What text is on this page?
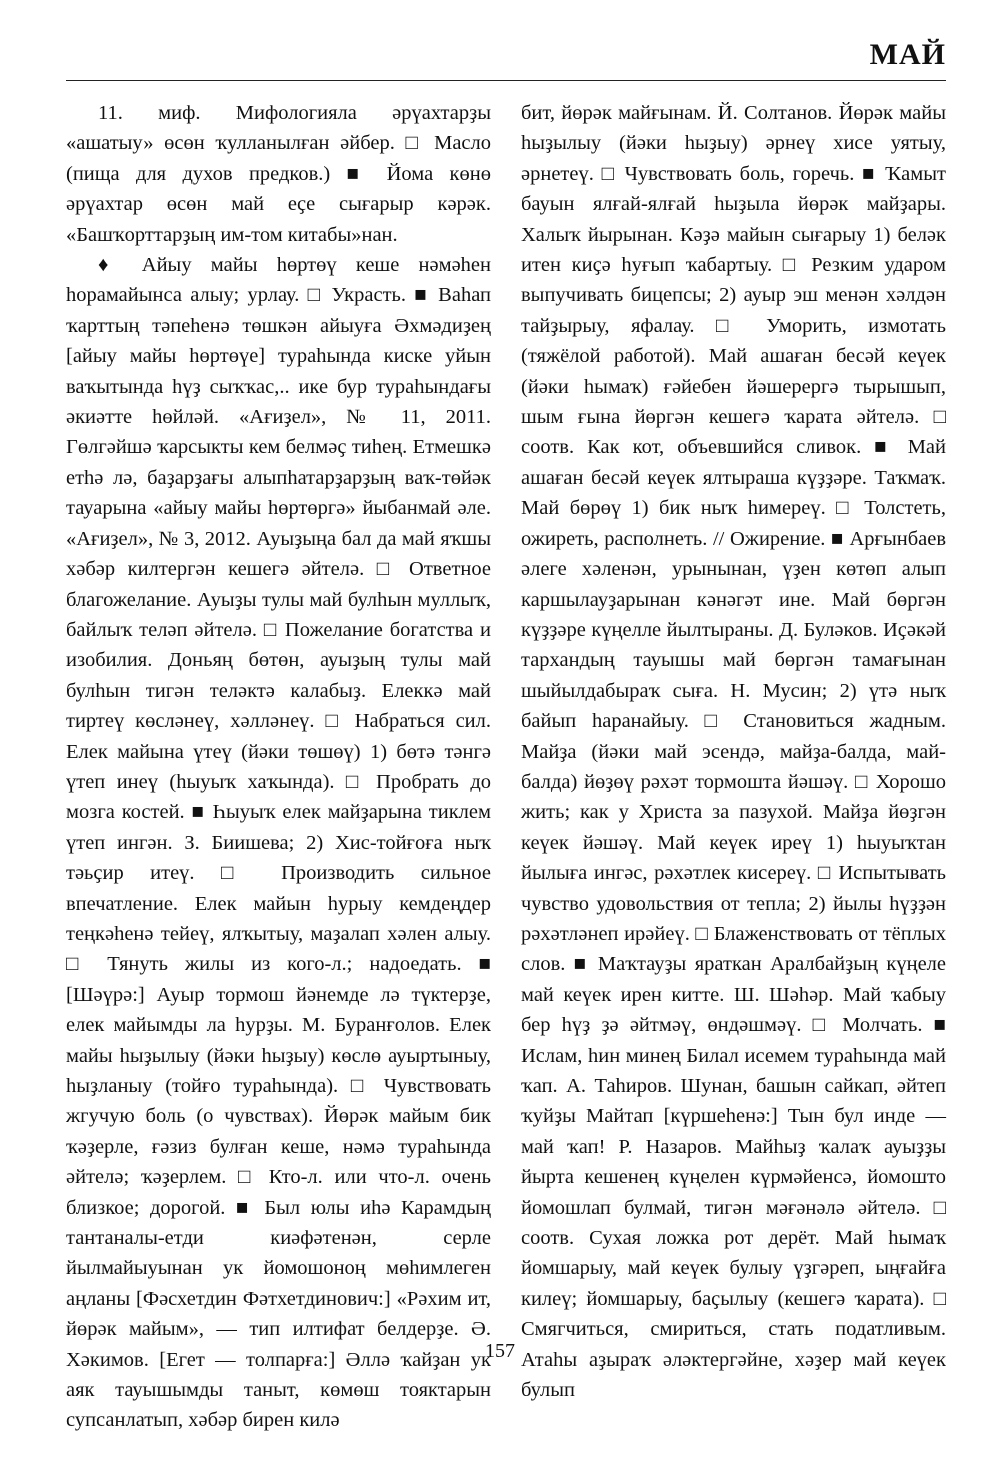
МАЙ

11. миф. Мифологияла әрүахтарҙы «ашатыу» өсөн ҡулланылған әйбер. □ Масло (пища для духов предков.) ■ Йома көнө әрүахтар өсөн май еҫе сығарыр кәрәк. «Башҡорттарҙың им-том китабы»нан.

♦ Айыу майы һөртөү кеше нәмәһен һорамайынса алыу; урлау. □ Украсть. ■ Ваһап ҡарттың тәпеһенә төшкән айыуға Әхмәдиҙең [айыу майы һөртөүе] тураһында киске уйын ваҡытында һүҙ сыҡҡас,.. ике бур тураһындағы әкиәтте һөйләй. «Ағиҙел», № 11, 2011. Гөлгәйшә ҡарсыкты кем белмәҫ тиһең. Етмешкә етһә лә, баҙарҙағы алыпһатарҙарҙың ваҡ-төйәк тауарына «айыу майы һөртөргә» йыбанмай әле. «Ағиҙел», № 3, 2012. Ауыҙыңа бал да май яҡшы хәбәр килтергән кешегә әйтелә. □ Ответное благожелание. Ауыҙы тулы май булһын муллыҡ, байлыҡ теләп әйтелә. □ Пожелание богатства и изобилия. Доньяң бөтөн, ауыҙың тулы май булһын тигән теләктә калабыҙ. Елеккә май тиртеү көсләнеү, хәлләнеү. □ Набраться сил. Елек майына үтеү (йәки төшөү) 1) бөтә тәнгә үтеп инеү (һыуыҡ хаҡында). □ Пробрать до мозга костей. ■ Һыуыҡ елек майҙарына тиклем үтеп ингән. З. Биишева; 2) Хис-тойғоға ныҡ тәьҫир итеү. □ Производить сильное впечатление. Елек майын һурыу кемдеңдер теңкәһенә тейеү, ялҡытыу, маҙалап хәлен алыу. □ Тянуть жилы из кого-л.; надоедать. ■ [Шәүрә:] Ауыр тормош йәнемде лә түктерҙе, елек майымды ла һурҙы. М. Буранғолов. Елек майы һыҙылыу (йәки һыҙыу) көслө ауыртыныу, һыҙланыу (тойғо тураһында). □ Чувствовать жгучую боль (о чувствах). Йөрәк майым бик ҡәҙерле, ғәзиз булған кеше, нәмә тураһында әйтелә; ҡәҙерлем. □ Кто-л. или что-л. очень близкое; дорогой. ■ Был юлы иһә Карамдың тантаналы-етди киәфәтенән, серле йылмайыуынан ук йомошоноң мөһимлеген аңланы [Фәсхетдин Фәтхетдинович:] «Рәхим ит, йөрәк майым», — тип илтифат белдерҙе. Ә. Хәкимов. [Егет — толпарға:] Әллә ҡайҙан ук аяк тауышымды таныт, көмөш тояктарын супсанлатып, хәбәр бирен килә

бит, йөрәк майғынам. Й. Солтанов. Йөрәк майы һыҙылыу (йәки һыҙыу) әрнеү хисе уятыу, әрнетеү. □ Чувствовать боль, горечь. ■ Ҡамыт бауын ялғай-ялғай һыҙыла йөрәк майҙары. Халыҡ йырынан. Кәҙә майын сығарыу 1) беләк итен киҫә һуғып ҡабартыу. □ Резким ударом выпучивать бицепсы; 2) ауыр эш менән хәлдән тайҙырыу, яфалау. □ Уморить, измотать (тяжёлой работой). Май ашаған бесәй кеүек (йәки һымаҡ) ғәйебен йәшерергә тырышып, шым ғына йөргән кешегә ҡарата әйтелә. □ соотв. Как кот, объевшийся сливок. ■ Май ашаған бесәй кеүек ялтыраша күҙҙәре. Таҡмаҡ. Май бөрөү 1) бик ныҡ һимереү. □ Толстеть, ожиреть, располнеть. // Ожирение. ■ Арғынбаев әлеге хәленән, урынынан, үҙен көтөп алып каршылауҙарынан кәнәгәт ине. Май бөргән күҙҙәре күңелле йылтыраны. Д. Буләков. Иҫәкәй тархандың тауышы май бөргән тамағынан шыйылдабыраҡ сыға. Н. Мусин; 2) үтә ныҡ байып һаранайыу. □ Становиться жадным. Майҙа (йәки май эсендә, майҙа-балда, май-балда) йөҙөү рәхәт тормошта йәшәү. □ Хорошо жить; как у Христа за пазухой. Майҙа йөҙгән кеүек йәшәү. Май кеүек иреү 1) һыуыҡтан йылыға ингәс, рәхәтлек кисереү. □ Испытывать чувство удовольствия от тепла; 2) йылы һүҙҙән рәхәтләнеп ирәйеү. □ Блаженствовать от тёплых слов. ■ Маҡтауҙы яраткан Аралбайҙың күңеле май кеүек ирен китте. Ш. Шәһәр. Май ҡабыу бер һүҙ ҙә әйтмәү, өндәшмәү. □ Молчать. ■ Ислам, һин минең Билал исемем тураһында май ҡап. А. Таһиров. Шунан, башын сайкап, әйтеп ҡуйҙы Майтап [күршеһенә:] Тын бул инде — май ҡап! Р. Назаров. Майһыҙ ҡалаҡ ауыҙҙы йырта кешенең күңелен күрмәйенсә, йомошто йомошлап булмай, тигән мәғәнәлә әйтелә. □ соотв. Сухая ложка рот дерёт. Май һымаҡ йомшарыу, май кеүек булыу үҙгәреп, ыңғайға килеү; йомшарыу, баҫылыу (кешегә ҡарата). □ Смягчиться, смириться, стать податливым. Атаһы аҙыраҡ әләктергәйне, хәҙер май кеүек булып

157
